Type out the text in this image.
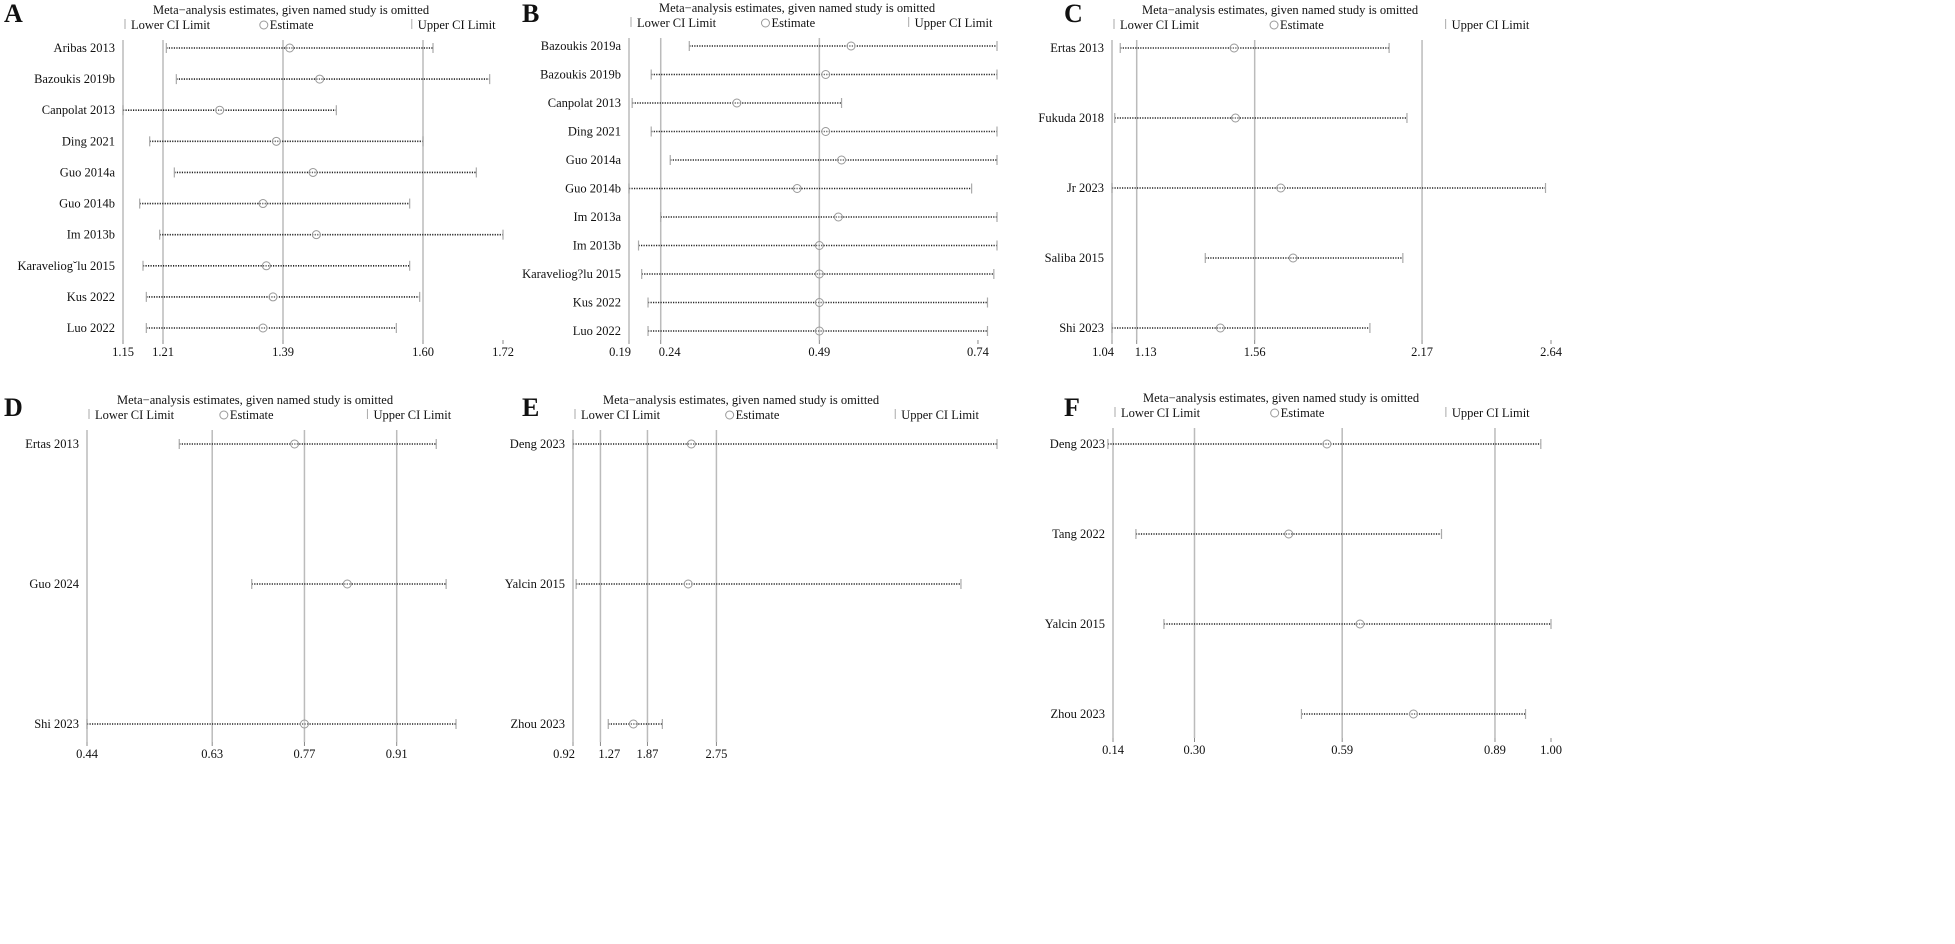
A	Meta−analysis estimates, given named study is omitted
Lower CI Limit	Estimate	Upper CI Limit
1.15 1.21	1.39	1.60	1.72
Aribas 2013
Bazoukis 2019b
Canpolat 2013
Ding 2021
Guo 2014a
Guo 2014b
Im 2013b
Karaveliog˘lu 2015
Kus 2022
Luo 2022
B	Meta−analysis estimates, given named study is omitted
Lower CI Limit	Estimate	Upper CI Limit
0.19 0.24	0.49	0.74
Bazoukis 2019a
Bazoukis 2019b
Canpolat 2013
Ding 2021
Guo 2014a
Guo 2014b
Im 2013a
Im 2013b
Karaveliog?lu 2015
Kus 2022
Luo 2022
C	Meta−analysis estimates, given named study is omitted
Lower CI Limit	Estimate	Upper CI Limit
1.04 1.13	1.56	2.17	2.64
Ertas 2013
Fukuda 2018
Jr 2023
Saliba 2015
Shi 2023
D	Meta−analysis estimates, given named study is omitted
Lower CI Limit	Estimate	Upper CI Limit
0.44	0.63	0.77	0.91
Ertas 2013
Guo 2024
Shi 2023
E	Meta−analysis estimates, given named study is omitted
Lower CI Limit	Estimate	Upper CI Limit
0.92 1.27 1.87	2.75
Deng 2023
Yalcin 2015
Zhou 2023
F	Meta−analysis estimates, given named study is omitted
Lower CI Limit	Estimate	Upper CI Limit
0.14	0.30	0.59	0.89	1.00
Deng 2023
Tang 2022
Yalcin 2015
Zhou 2023
